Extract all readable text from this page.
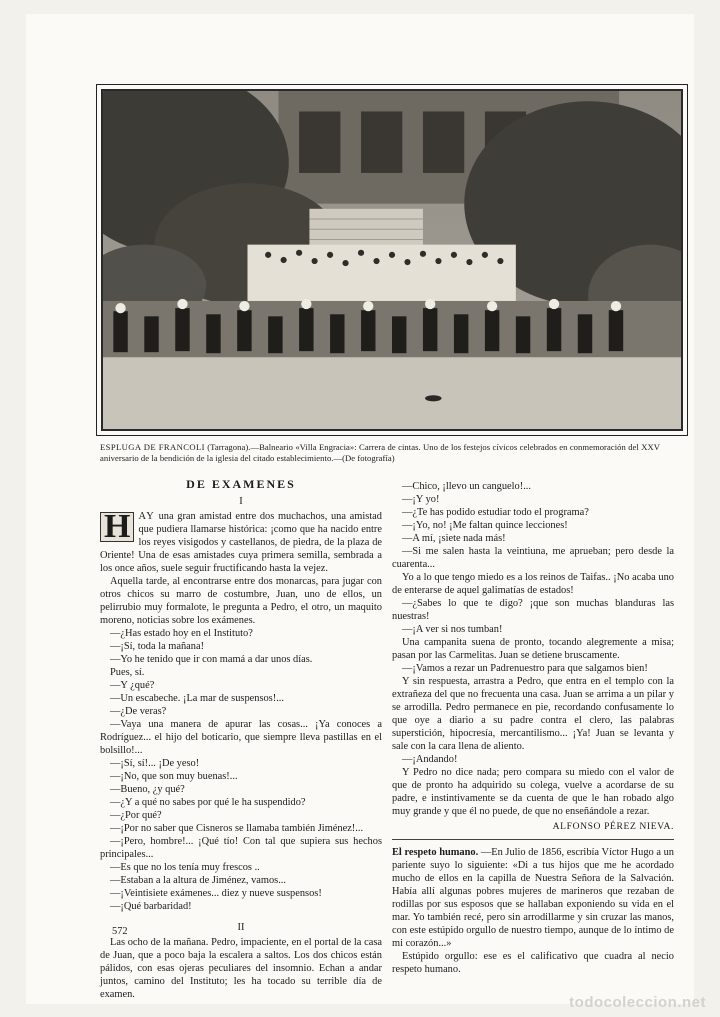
ESPLUGA DE FRANCOLI (Tarragona).—Balneario «Villa Engracia»: Carrera de cintas. Uno de los festejos cívicos celebrados en conmemoración del XXV aniversario de la bendición de la iglesia del citado establecimiento.—(De fotografía)
DE EXAMENES
I

H AY una gran amistad entre dos muchachos, una amistad que pudiera llamarse histórica: ¡como que ha nacido entre los reyes visigodos y castellanos, de piedra, de la plaza de Oriente! Una de esas amistades cuya primera semilla, sembrada a los once años, suele seguir fructificando hasta la vejez.

Aquella tarde, al encontrarse entre dos monarcas, para jugar con otros chicos su marro de costumbre, Juan, uno de ellos, un pelirrubio muy formalote, le pregunta a Pedro, el otro, un maquito moreno, noticias sobre los exámenes.

—¿Has estado hoy en el Instituto?

—¡Sí, toda la mañana!

—Yo he tenido que ir con mamá a dar unos días.

Pues, sí.

—Y ¿qué?

—Un escabeche. ¡La mar de suspensos!...

—¿De veras?

—Vaya una manera de apurar las cosas... ¡Ya conoces a Rodríguez... el hijo del boticario, que siempre lleva pastillas en el bolsillo!...

—¡Sí, sí!... ¡De yeso!

—¡No, que son muy buenas!...

—Bueno, ¿y qué?

—¿Y a qué no sabes por qué le ha suspendido?

—¿Por qué?

—¡Por no saber que Cisneros se llamaba también Jiménez!...

—¡Pero, hombre!... ¡Qué tío! Con tal que supiera sus hechos principales...

—Es que no los tenía muy frescos ..

—Estaban a la altura de Jiménez, vamos...

—¡Veintisiete exámenes... diez y nueve suspensos!

—¡Qué barbaridad!

II

Las ocho de la mañana. Pedro, impaciente, en el portal de la casa de Juan, que a poco baja la escalera a saltos. Los dos chicos están pálidos, con esas ojeras peculiares del insomnio. Echan a andar juntos, camino del Instituto; les ha tocado su terrible día de examen.

—Chico, ¡llevo un canguelo!...

—¡Y yo!

—¿Te has podido estudiar todo el programa?

—¡Yo, no! ¡Me faltan quince lecciones!

—A mí, ¡siete nada más!

—Si me salen hasta la veintiuna, me aprueban; pero desde la cuarenta...

Yo a lo que tengo miedo es a los reinos de Taifas.. ¡No acaba uno de enterarse de aquel galimatías de estados!

—¿Sabes lo que te digo? ¡que son muchas blanduras las nuestras!

—¡A ver si nos tumban!

Una campanita suena de pronto, tocando alegremente a misa; pasan por las Carmelitas. Juan se detiene bruscamente.

—¡Vamos a rezar un Padrenuestro para que salgamos bien!

Y sin respuesta, arrastra a Pedro, que entra en el templo con la extrañeza del que no frecuenta una casa. Juan se arrima a un pilar y se arrodilla. Pedro permanece en pie, recordando confusamente lo que oye a diario a su padre contra el clero, las palabras superstición, hipocresía, mercantilismo... ¡Ya! Juan se levanta y sale con la cara llena de aliento.

—¡Andando!

Y Pedro no dice nada; pero compara su miedo con el valor de que de pronto ha adquirido su colega, vuelve a acordarse de su padre, e instintivamente se da cuenta de que le han robado algo muy grande y que él no puede, de que no enseñándole a rezar.

ALFONSO PÉREZ NIEVA.

El respeto humano. —En Julio de 1856, escribía Víctor Hugo a un pariente suyo lo siguiente: «Di a tus hijos que me he acordado mucho de ellos en la capilla de Nuestra Señora de la Salvación. Había allí algunas pobres mujeres de marineros que rezaban de rodillas por sus esposos que se hallaban exponiendo su vida en el mar. Yo también recé, pero sin arrodillarme y sin cruzar las manos, con este estúpido orgullo de nuestro tiempo, aunque de lo íntimo de mi corazón...»

Estúpido orgullo: ese es el calificativo que cuadra al necio respeto humano.

572
todocoleccion.net
